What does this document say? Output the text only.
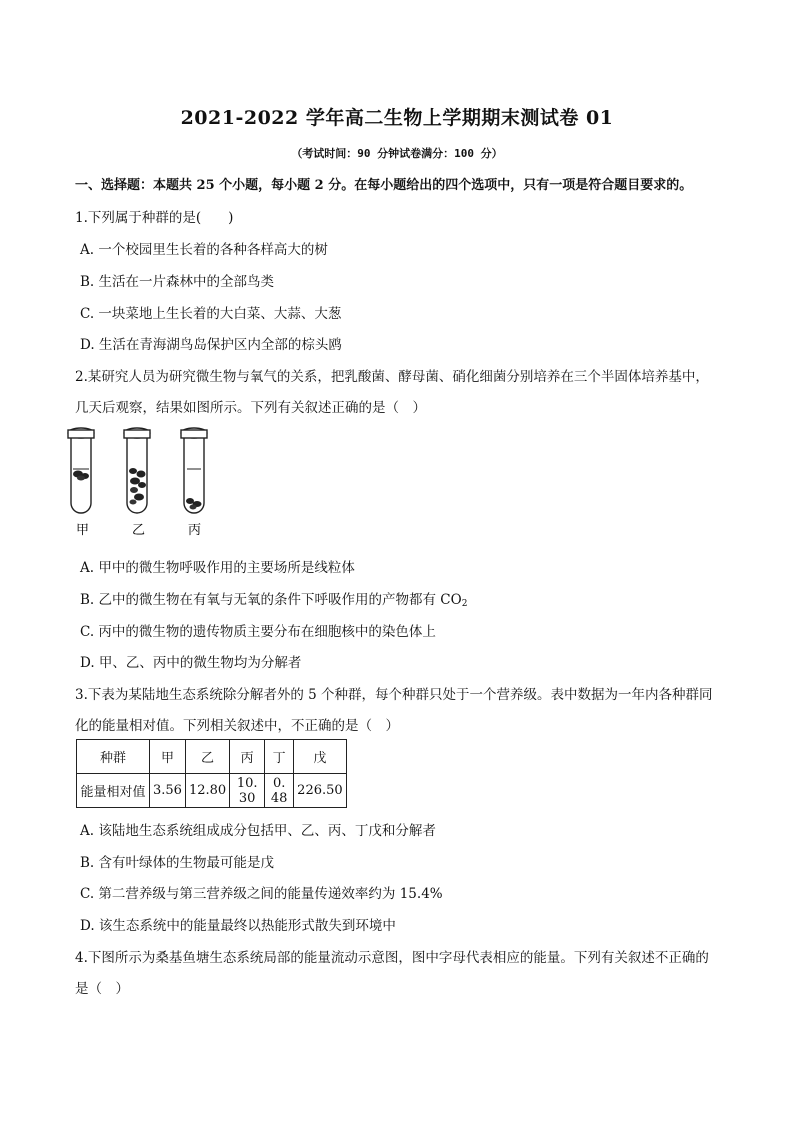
2021-2022 学年高二生物上学期期末测试卷 01
（考试时间：90 分钟试卷满分：100 分）
一、选择题：本题共 25 个小题，每小题 2 分。在每小题给出的四个选项中，只有一项是符合题目要求的。
1.下列属于种群的是(　　)
A. 一个校园里生长着的各种各样高大的树
B. 生活在一片森林中的全部鸟类
C. 一块菜地上生长着的大白菜、大蒜、大葱
D. 生活在青海湖鸟岛保护区内全部的棕头鸥
2.某研究人员为研究微生物与氧气的关系，把乳酸菌、酵母菌、硝化细菌分别培养在三个半固体培养基中，
几天后观察，结果如图所示。下列有关叙述正确的是（　）
甲	乙	丙
A. 甲中的微生物呼吸作用的主要场所是线粒体
B. 乙中的微生物在有氧与无氧的条件下呼吸作用的产物都有 $CO_2$
C. 丙中的微生物的遗传物质主要分布在细胞核中的染色体上
D. 甲、乙、丙中的微生物均为分解者
3.下表为某陆地生态系统除分解者外的 5 个种群，每个种群只处于一个营养级。表中数据为一年内各种群同
化的能量相对值。下列相关叙述中，不正确的是（　）
种群	甲	乙	丙	丁	戊
能量相对值	3.56	12.80	10. 30	0. 48	226.50
A. 该陆地生态系统组成成分包括甲、乙、丙、丁戊和分解者
B. 含有叶绿体的生物最可能是戊
C. 第二营养级与第三营养级之间的能量传递效率约为 15.4%
D. 该生态系统中的能量最终以热能形式散失到环境中
4.下图所示为桑基鱼塘生态系统局部的能量流动示意图，图中字母代表相应的能量。下列有关叙述不正确的
是（　）
